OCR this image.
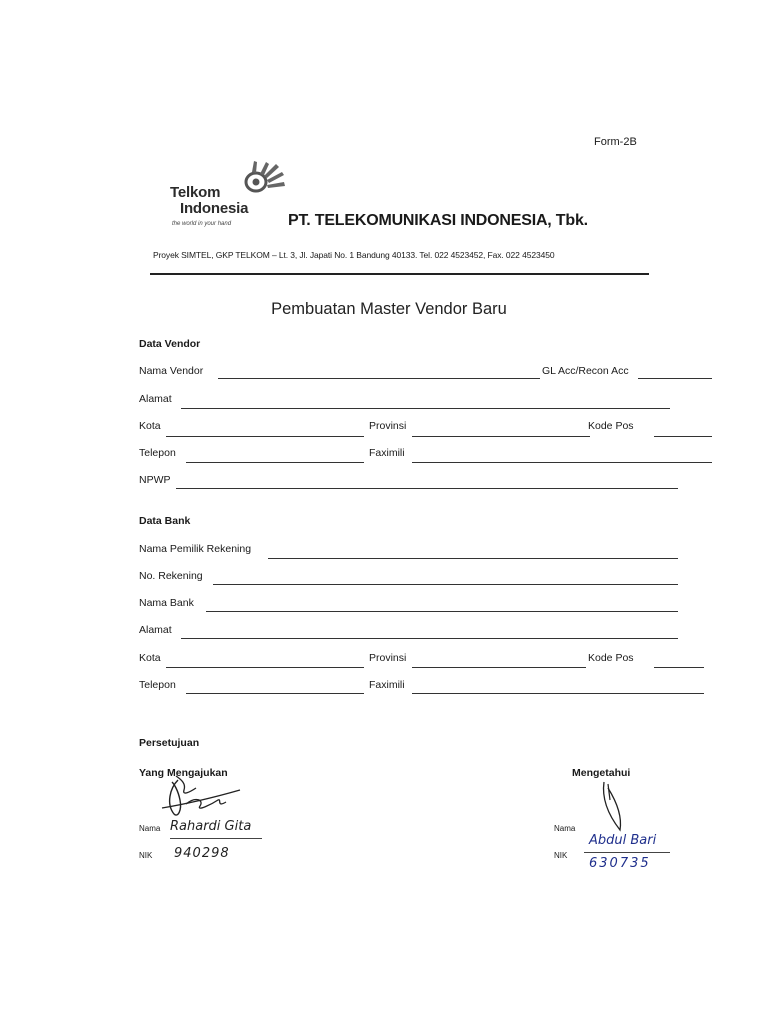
Form-2B
Telkom
Indonesia
the world in your hand	PT. TELEKOMUNIKASI INDONESIA, Tbk.
Proyek SIMTEL, GKP TELKOM – Lt. 3, Jl. Japati No. 1 Bandung 40133. Tel. 022 4523452, Fax. 022 4523450
Pembuatan Master Vendor Baru
Data Vendor
Nama Vendor	GL Acc/Recon Acc
Alamat
Kota	Provinsi	Kode Pos
Telepon	Faximili
NPWP
Data Bank
Nama Pemilik Rekening
No. Rekening
Nama Bank
Alamat
Kota	Provinsi	Kode Pos
Telepon	Faximili
Persetujuan
Yang Mengajukan	Mengetahui
Nama Rahardi Gita
NIK 940298
Nama
Abdul Bari
NIK
630735
